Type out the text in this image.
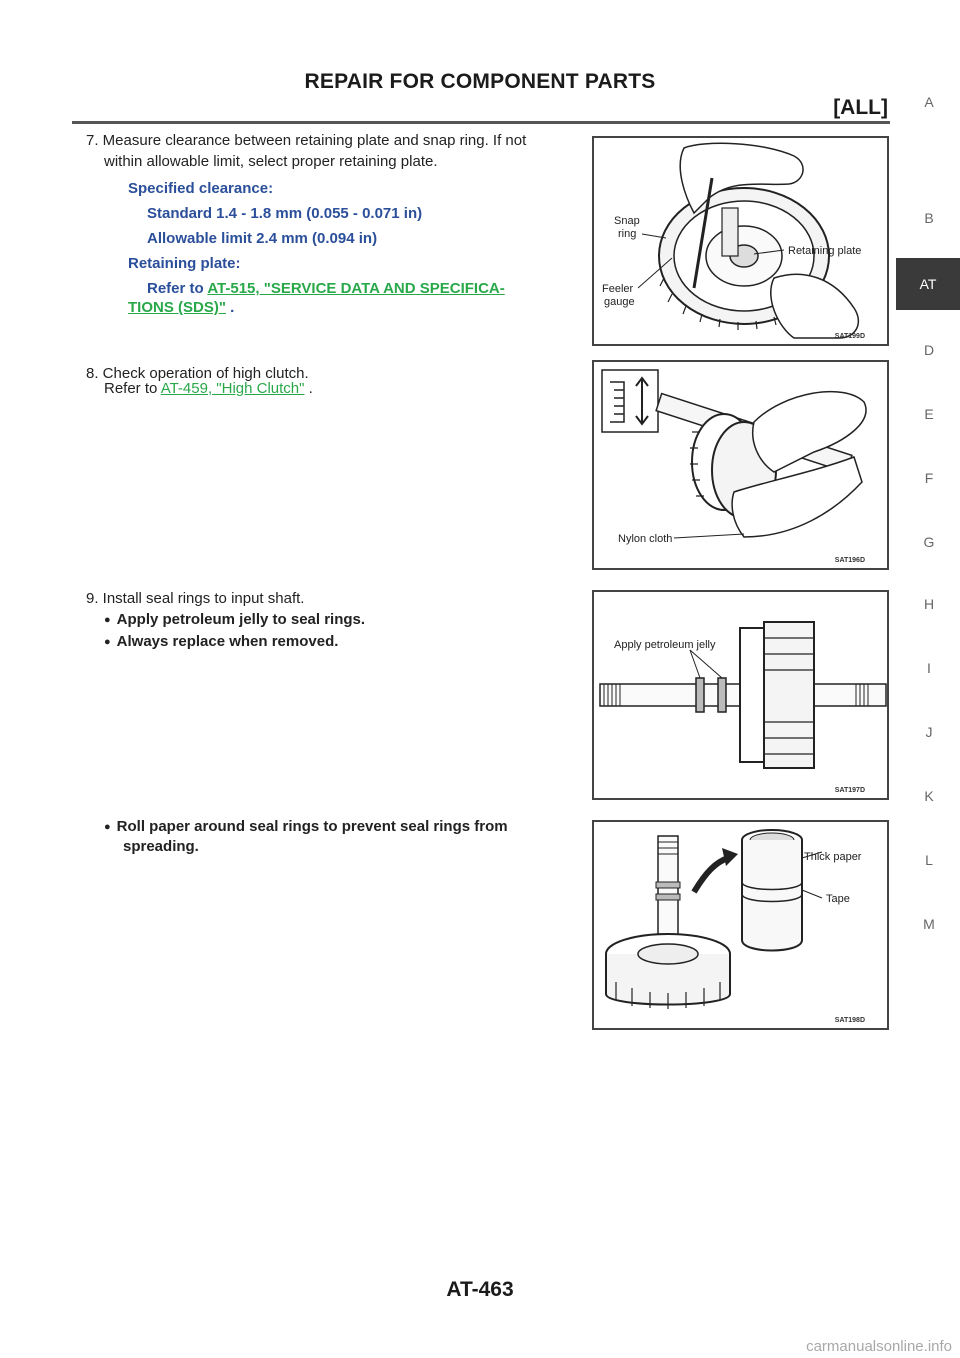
REPAIR FOR COMPONENT PARTS
[ALL]	A
B
AT
D
E
F
G
H
I
J
K
L
M
7. Measure clearance between retaining plate and snap ring. If not
within allowable limit, select proper retaining plate.
Specified clearance:
Standard 1.4 - 1.8 mm (0.055 - 0.071 in)
Allowable limit 2.4 mm (0.094 in)
Retaining plate:
Refer to AT-515, "SERVICE DATA AND SPECIFICA-
TIONS (SDS)" .
8. Check operation of high clutch.
Refer to AT-459, "High Clutch" .
9. Install seal rings to input shaft.
● Apply petroleum jelly to seal rings.
● Always replace when removed.
● Roll paper around seal rings to prevent seal rings from
spreading.
Snap
ring
Retaining plate
Feeler
gauge
SAT199D
Nylon cloth
SAT196D
Apply petroleum jelly
SAT197D
Thick paper
Tape
SAT198D
AT-463
carmanualsonline.info
